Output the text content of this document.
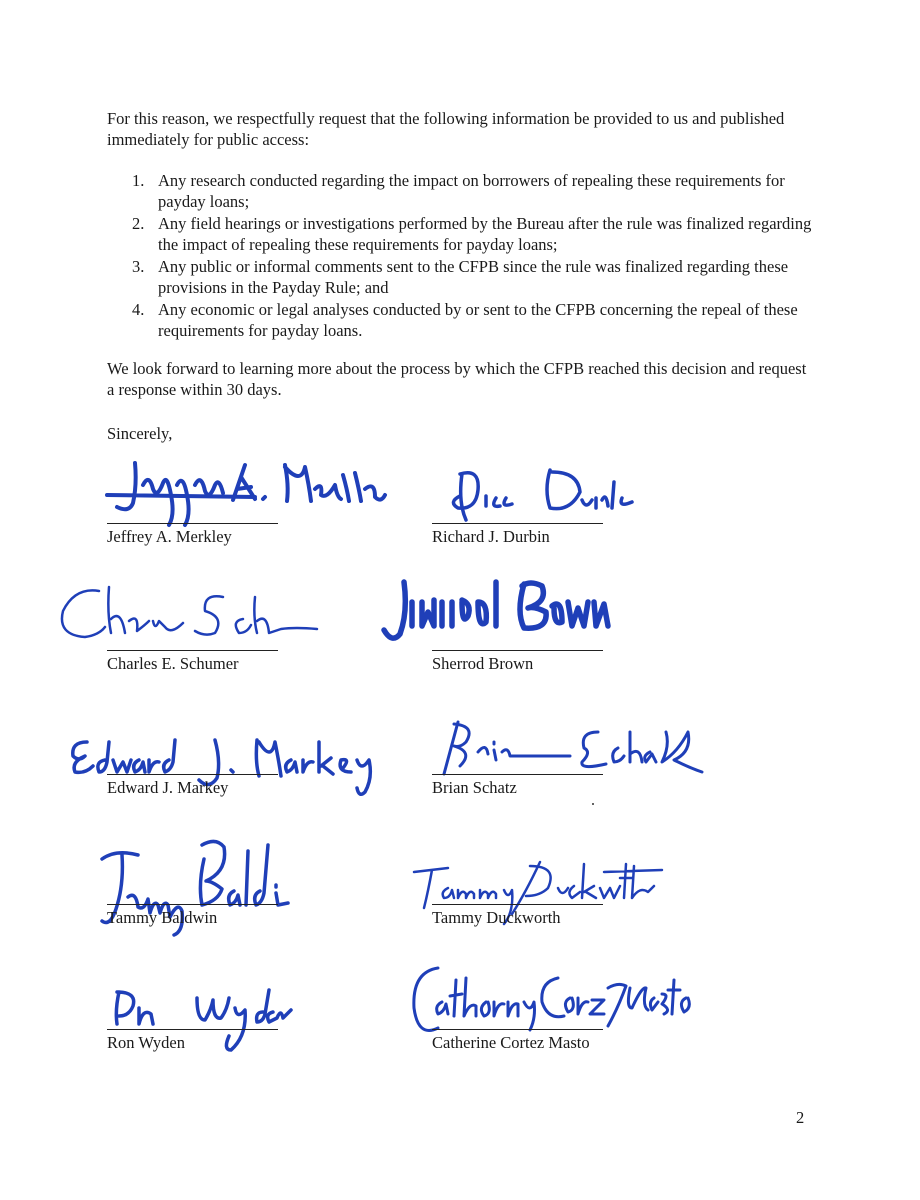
For this reason, we respectfully request that the following information be provided to us and published immediately for public access:

1. Any research conducted regarding the impact on borrowers of repealing these requirements for payday loans;
2. Any field hearings or investigations performed by the Bureau after the rule was finalized regarding the impact of repealing these requirements for payday loans;
3. Any public or informal comments sent to the CFPB since the rule was finalized regarding these provisions in the Payday Rule; and
4. Any economic or legal analyses conducted by or sent to the CFPB concerning the repeal of these requirements for payday loans.

We look forward to learning more about the process by which the CFPB reached this decision and request a response within 30 days.

Sincerely,

Jeffrey A. Merkley	Richard J. Durbin
Charles E. Schumer	Sherrod Brown
Edward J. Markey	Brian Schatz
Tammy Baldwin	Tammy Duckworth
Ron Wyden	Catherine Cortez Masto
2
